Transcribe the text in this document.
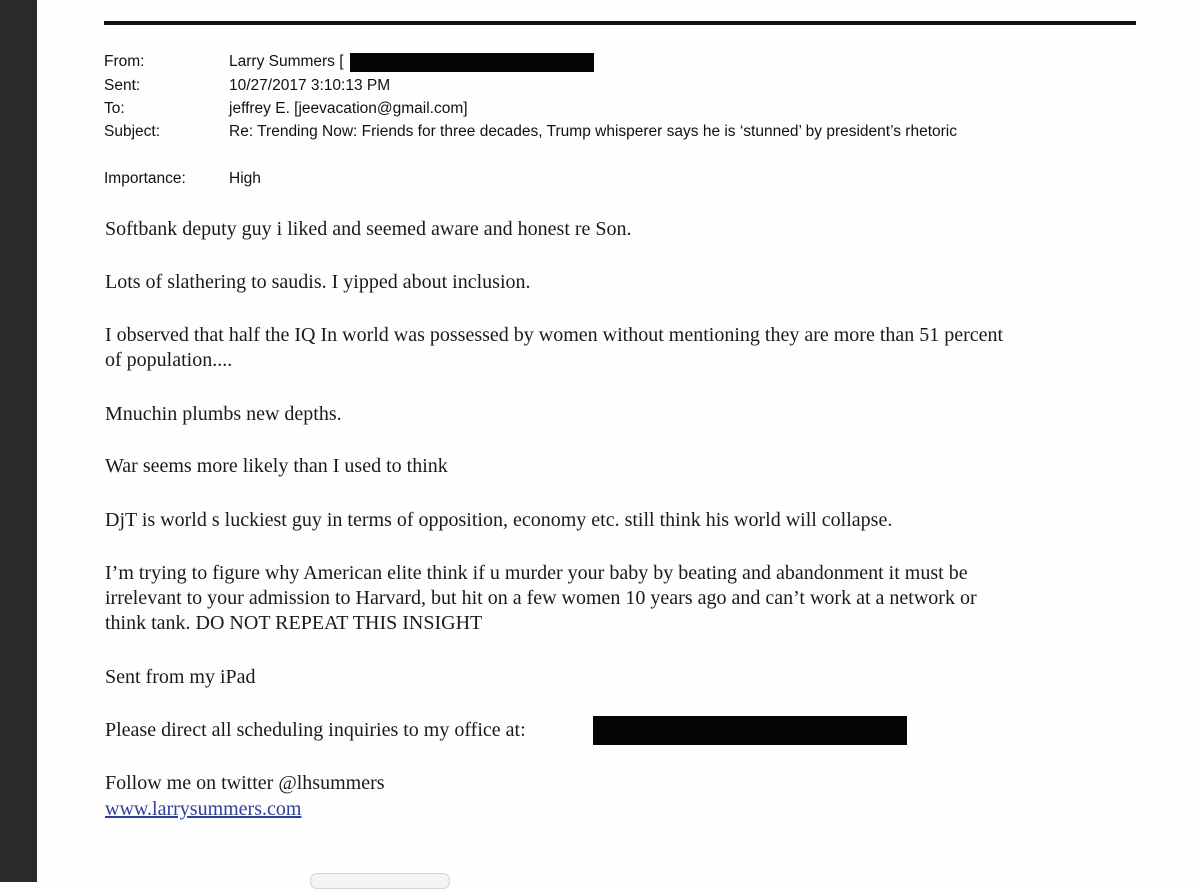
From:	Larry Summers [
Sent:	10/27/2017 3:10:13 PM
To:	jeffrey E. [jeevacation@gmail.com]
Subject:	Re: Trending Now: Friends for three decades, Trump whisperer says he is ‘stunned’ by president’s rhetoric
Importance:	High
Softbank deputy guy i liked and seemed aware and honest re Son.
Lots of slathering to saudis. I yipped about inclusion.
I observed that half the IQ In world was possessed by women without mentioning they are more than 51 percent
of population....
Mnuchin plumbs new depths.
War seems more likely than I used to think
DjT is world s luckiest guy in terms of opposition, economy etc. still think his world will collapse.
I’m trying to figure why American elite think if u murder your baby by beating and abandonment it must be
irrelevant to your admission to Harvard, but hit on a few women 10 years ago and can’t work at a network or
think tank. DO NOT REPEAT THIS INSIGHT
Sent from my iPad
Please direct all scheduling inquiries to my office at:
Follow me on twitter @lhsummers
www.larrysummers.com
